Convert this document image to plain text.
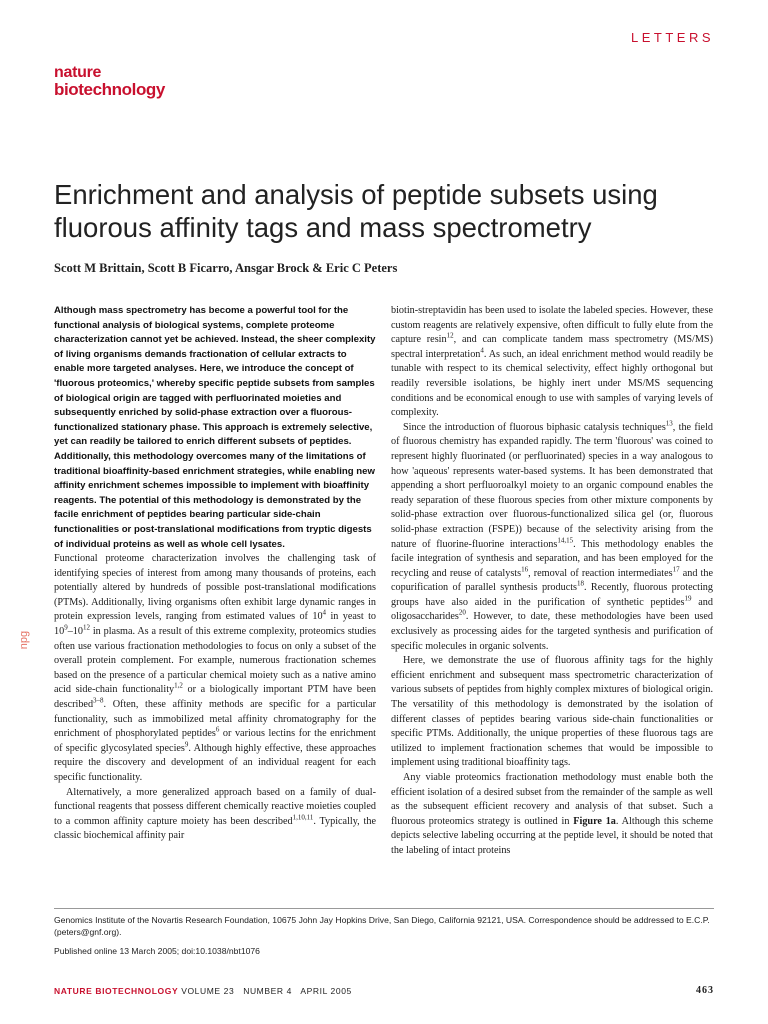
LETTERS
nature
biotechnology
Enrichment and analysis of peptide subsets using fluorous affinity tags and mass spectrometry
Scott M Brittain, Scott B Ficarro, Ansgar Brock & Eric C Peters

Although mass spectrometry has become a powerful tool for the functional analysis of biological systems, complete proteome characterization cannot yet be achieved. Instead, the sheer complexity of living organisms demands fractionation of cellular extracts to enable more targeted analyses. Here, we introduce the concept of 'fluorous proteomics,' whereby specific peptide subsets from samples of biological origin are tagged with perfluorinated moieties and subsequently enriched by solid-phase extraction over a fluorous-functionalized stationary phase. This approach is extremely selective, yet can readily be tailored to enrich different subsets of peptides. Additionally, this methodology overcomes many of the limitations of traditional bioaffinity-based enrichment strategies, while enabling new affinity enrichment schemes impossible to implement with bioaffinity reagents. The potential of this methodology is demonstrated by the facile enrichment of peptides bearing particular side-chain functionalities or post-translational modifications from tryptic digests of individual proteins as well as whole cell lysates.

Functional proteome characterization involves the challenging task of identifying species of interest from among many thousands of proteins, each potentially altered by hundreds of possible post-translational modifications (PTMs). Additionally, living organisms often exhibit large dynamic ranges in protein expression levels, ranging from estimated values of $10^4$ in yeast to $10^9-10^{12}$ in plasma. As a result of this extreme complexity, proteomics studies often use various fractionation methodologies to focus on only a subset of the overall protein complement. For example, numerous fractionation schemes based on the presence of a particular chemical moiety such as a native amino acid side-chain functionality$^{1,2}$ or a biologically important PTM have been described$^{3-8}$. Often, these affinity methods are specific for a particular functionality, such as immobilized metal affinity chromatography for the enrichment of phosphorylated peptides$^6$ or various lectins for the enrichment of specific glycosylated species$^9$. Although highly effective, these approaches require the discovery and development of an individual reagent for each specific functionality.

Alternatively, a more generalized approach based on a family of dual-functional reagents that possess different chemically reactive moieties coupled to a common affinity capture moiety has been described$^{1,10,11}$. Typically, the classic biochemical affinity pair

npg

biotin-streptavidin has been used to isolate the labeled species. However, these custom reagents are relatively expensive, often difficult to fully elute from the capture resin$^{12}$, and can complicate tandem mass spectrometry (MS/MS) spectral interpretation$^4$. As such, an ideal enrichment method would readily be tunable with respect to its chemical selectivity, effect highly orthogonal but readily reversible isolations, be highly inert under MS/MS sequencing conditions and be economical enough to use with samples of varying levels of complexity.

Since the introduction of fluorous biphasic catalysis techniques$^{13}$, the field of fluorous chemistry has expanded rapidly. The term 'fluorous' was coined to represent highly fluorinated (or perfluorinated) species in a way analogous to how 'aqueous' represents water-based systems. It has been demonstrated that appending a short perfluoroalkyl moiety to an organic compound enables the ready separation of these fluorous species from other mixture components by solid-phase extraction over fluorous-functionalized silica gel (or, fluorous solid-phase extraction (FSPE)) because of the selectivity arising from the nature of fluorine-fluorine interactions$^{14,15}$. This methodology enables the facile integration of synthesis and separation, and has been employed for the recycling and reuse of catalysts$^{16}$, removal of reaction intermediates$^{17}$ and the copurification of parallel synthesis products$^{18}$. Recently, fluorous protecting groups have also aided in the purification of synthetic peptides$^{19}$ and oligosaccharides$^{20}$. However, to date, these methodologies have been used exclusively as processing aides for the targeted synthesis and purification of specific molecules in organic solvents.

Here, we demonstrate the use of fluorous affinity tags for the highly efficient enrichment and subsequent mass spectrometric characterization of various subsets of peptides from highly complex mixtures of biological origin. The versatility of this methodology is demonstrated by the isolation of different classes of peptides bearing various side-chain functionalities or specific PTMs. Additionally, the unique properties of these fluorous tags are utilized to implement fractionation schemes that would be impossible to implement using traditional bioaffinity tags.

Any viable proteomics fractionation methodology must enable both the efficient isolation of a desired subset from the remainder of the sample as well as the subsequent efficient recovery and analysis of that subset. Such a fluorous proteomics strategy is outlined in Figure 1a. Although this scheme depicts selective labeling occurring at the peptide level, it should be noted that the labeling of intact proteins

Genomics Institute of the Novartis Research Foundation, 10675 John Jay Hopkins Drive, San Diego, California 92121, USA. Correspondence should be addressed to E.C.P. (peters@gnf.org).

Published online 13 March 2005; doi:10.1038/nbt1076

NATURE BIOTECHNOLOGY VOLUME 23   NUMBER 4   APRIL 2005	463
